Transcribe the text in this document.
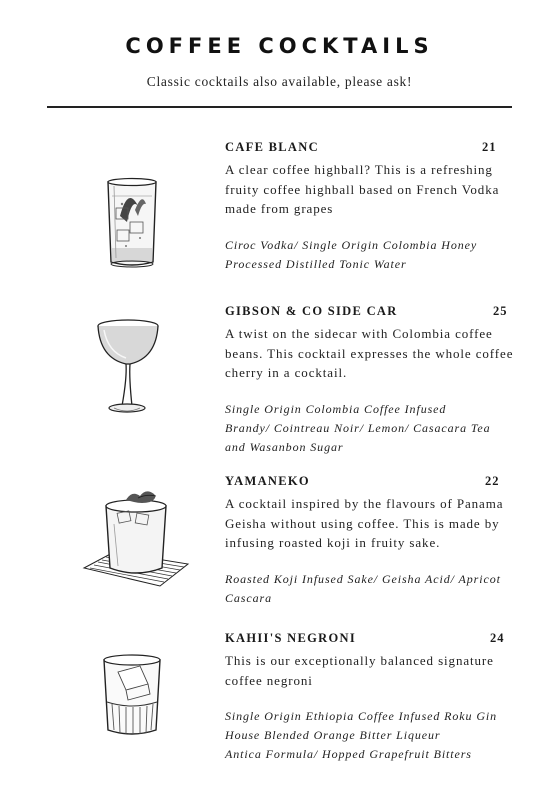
COFFEE COCKTAILS
Classic cocktails also available, please ask!
CAFE BLANC	21
A clear coffee highball? This is a refreshing fruity coffee highball based on French Vodka made from grapes
Ciroc Vodka/ Single Origin Colombia Honey
Processed Distilled Tonic Water
GIBSON & CO SIDE CAR	25
A twist on the sidecar with Colombia coffee beans. This cocktail expresses the whole coffee cherry in a cocktail.
Single Origin Colombia Coffee Infused
Brandy/ Cointreau Noir/ Lemon/ Casacara Tea
and Wasanbon Sugar
YAMANEKO	22
A cocktail inspired by the flavours of Panama Geisha without using coffee. This is made by infusing roasted koji in fruity sake.
Roasted Koji Infused Sake/ Geisha Acid/ Apricot
Cascara
KAHII'S NEGRONI	24
This is our exceptionally balanced signature coffee negroni
Single Origin Ethiopia Coffee Infused Roku Gin
House Blended Orange Bitter Liqueur
Antica Formula/ Hopped Grapefruit Bitters
